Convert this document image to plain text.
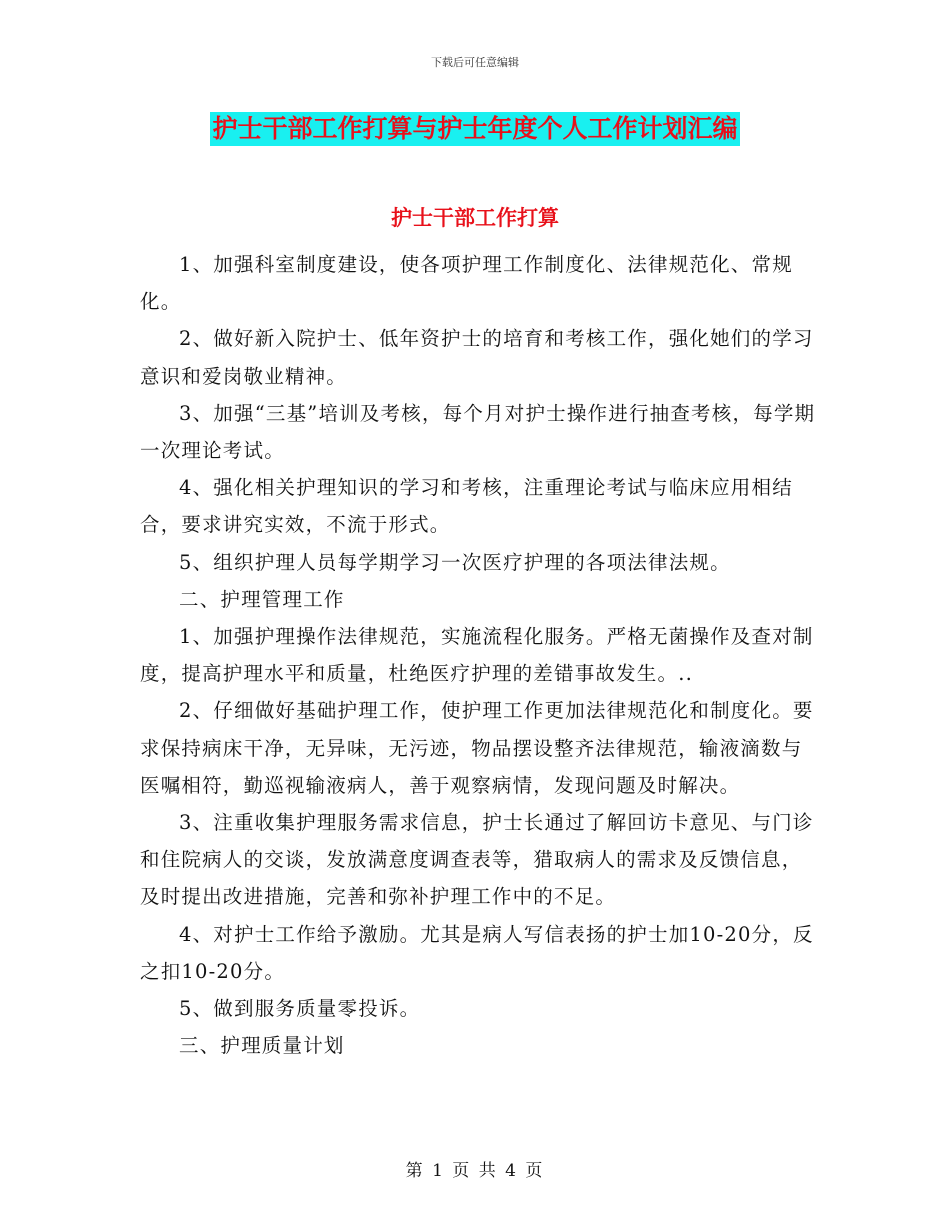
下载后可任意编辑
护士干部工作打算与护士年度个人工作计划汇编
护士干部工作打算

1、加强科室制度建设，使各项护理工作制度化、法律规范化、常规化。

2、做好新入院护士、低年资护士的培育和考核工作，强化她们的学习意识和爱岗敬业精神。

3、加强“三基”培训及考核，每个月对护士操作进行抽查考核，每学期一次理论考试。

4、强化相关护理知识的学习和考核，注重理论考试与临床应用相结合，要求讲究实效，不流于形式。

5、组织护理人员每学期学习一次医疗护理的各项法律法规。

二、护理管理工作

1、加强护理操作法律规范，实施流程化服务。严格无菌操作及查对制度，提高护理水平和质量，杜绝医疗护理的差错事故发生。..

2、仔细做好基础护理工作，使护理工作更加法律规范化和制度化。要求保持病床干净，无异味，无污迹，物品摆设整齐法律规范，输液滴数与医嘱相符，勤巡视输液病人，善于观察病情，发现问题及时解决。

3、注重收集护理服务需求信息，护士长通过了解回访卡意见、与门诊和住院病人的交谈，发放满意度调查表等，猎取病人的需求及反馈信息，及时提出改进措施，完善和弥补护理工作中的不足。

4、对护士工作给予激励。尤其是病人写信表扬的护士加10-20分，反之扣10-20分。

5、做到服务质量零投诉。

三、护理质量计划

第 1 页 共 4 页
